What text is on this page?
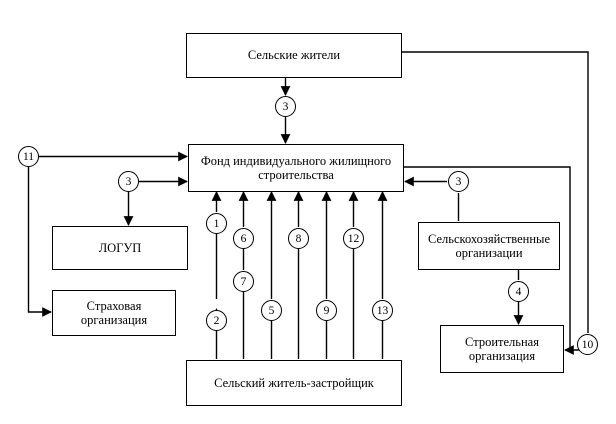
Сельские жители
Фонд индивидуального жилищного строительства
ЛОГУП
Страховая организация
Сельскохозяйственные организации
Строительная организация
Сельский житель-застройщик
3
11
3	3
1
6	8	12
7
4
2
5	9	13
10
